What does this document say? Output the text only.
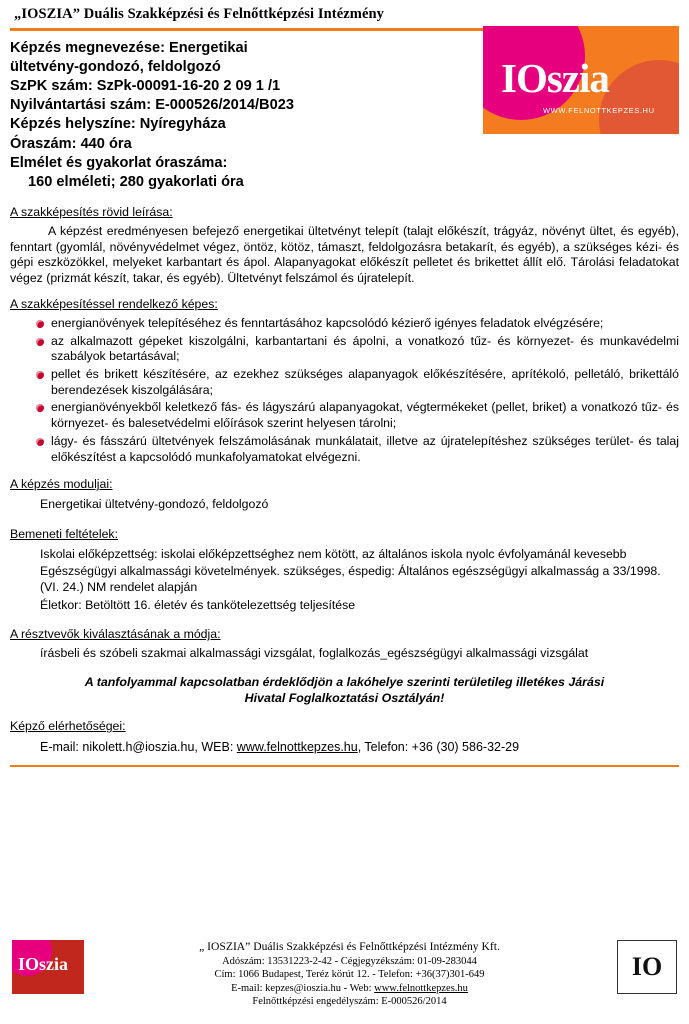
„IOSZIA” Duális Szakképzési és Felnőttképzési Intézmény
IOszia
WWW.FELNOTTKEPZES.HU
Képzés megnevezése: Energetikai
ültetvény-gondozó, feldolgozó
SzPK szám: SzPk-00091-16-20 2 09 1 /1
Nyilvántartási szám: E-000526/2014/B023
Képzés helyszíne: Nyíregyháza
Óraszám: 440 óra
Elmélet és gyakorlat óraszáma:
160 elméleti; 280 gyakorlati óra
A szakképesítés rövid leírása:
A képzést eredményesen befejező energetikai ültetvényt telepít (talajt előkészít, trágyáz, növényt ültet, és egyéb), fenntart (gyomlál, növényvédelmet végez, öntöz, kötöz, támaszt, feldolgozásra betakarít, és egyéb), a szükséges kézi- és gépi eszközökkel, melyeket karbantart és ápol. Alapanyagokat előkészít pelletet és brikettet állít elő. Tárolási feladatokat végez (prizmát készít, takar, és egyéb). Ültetvényt felszámol és újratelepít.
A szakképesítéssel rendelkező képes:
energianövények telepítéséhez és fenntartásához kapcsolódó kézierő igényes feladatok elvégzésére;
az alkalmazott gépeket kiszolgálni, karbantartani és ápolni, a vonatkozó tűz- és környezet- és munkavédelmi szabályok betartásával;
pellet és brikett készítésére, az ezekhez szükséges alapanyagok előkészítésére, aprítékoló, pelletáló, brikettáló berendezések kiszolgálására;
energianövényekből keletkező fás- és lágyszárú alapanyagokat, végtermékeket (pellet, briket) a vonatkozó tűz- és környezet- és balesetvédelmi előírások szerint helyesen tárolni;
lágy- és fásszárú ültetvények felszámolásának munkálatait, illetve az újratelepítéshez szükséges terület- és talaj előkészítést a kapcsolódó munkafolyamatokat elvégezni.
A képzés moduljai:
Energetikai ültetvény-gondozó, feldolgozó
Bemeneti feltételek:
Iskolai előképzettség: iskolai előképzettséghez nem kötött, az általános iskola nyolc évfolyamánál kevesebb
Egészségügyi alkalmassági követelmények. szükséges, éspedig: Általános egészségügyi alkalmasság a 33/1998. (VI. 24.) NM rendelet alapján
Életkor: Betöltött 16. életév és tankötelezettség teljesítése
A résztvevők kiválasztásának a módja:
írásbeli és szóbeli szakmai alkalmassági vizsgálat, foglalkozás_egészségügyi alkalmassági vizsgálat
A tanfolyammal kapcsolatban érdeklődjön a lakóhelye szerinti területileg illetékes Járási
Hivatal Foglalkoztatási Osztályán!
Képző elérhetőségei:
E-mail: nikolett.h@ioszia.hu, WEB: www.felnottkepzes.hu, Telefon: +36 (30) 586-32-29
IOszia
„ IOSZIA” Duális Szakképzési és Felnőttképzési Intézmény Kft.
Adószám: 13531223-2-42 - Cégjegyzékszám: 01-09-283044
Cím: 1066 Budapest, Teréz körút 12. - Telefon: +36(37)301-649
E-mail: kepzes@ioszia.hu - Web: www.felnottkepzes.hu
Felnőttképzési engedélyszám: E-000526/2014
IO
